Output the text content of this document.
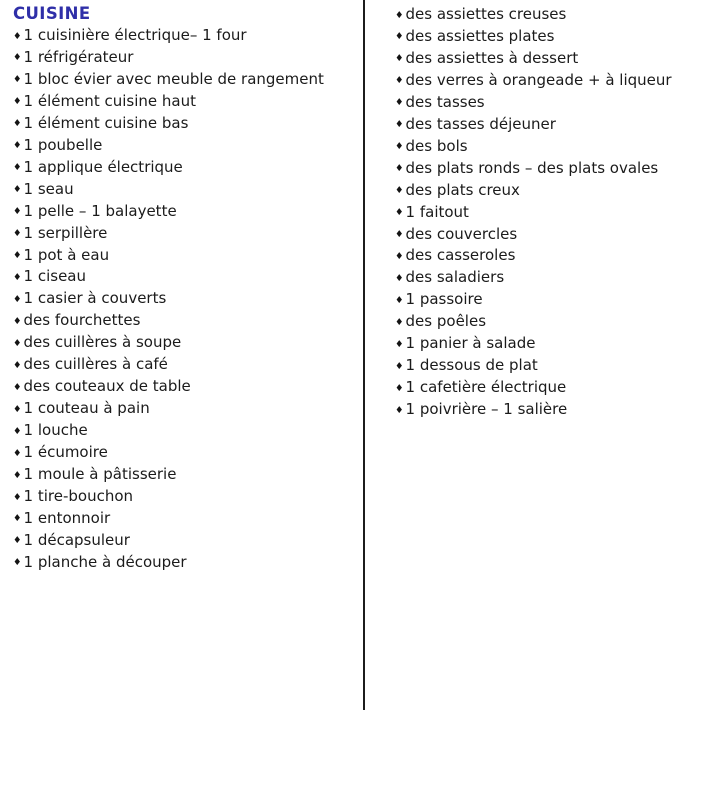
CUISINE
♦ 1 cuisinière électrique– 1 four
♦ 1 réfrigérateur
♦ 1 bloc évier avec meuble de rangement
♦ 1 élément cuisine haut
♦ 1 élément cuisine bas
♦ 1 poubelle
♦ 1 applique électrique
♦ 1 seau
♦ 1 pelle – 1 balayette
♦ 1 serpillère
♦ 1 pot à eau
♦ 1 ciseau
♦ 1 casier à couverts
♦ des fourchettes
♦ des cuillères à soupe
♦ des cuillères à café
♦ des couteaux de table
♦ 1 couteau à pain
♦ 1 louche
♦ 1 écumoire
♦ 1 moule à pâtisserie
♦ 1 tire-bouchon
♦ 1 entonnoir
♦ 1 décapsuleur
♦ 1 planche à découper
♦ des assiettes creuses
♦ des assiettes plates
♦ des assiettes à dessert
♦ des verres à orangeade + à liqueur
♦ des tasses
♦ des tasses déjeuner
♦ des bols
♦ des plats ronds – des plats ovales
♦ des plats creux
♦ 1 faitout
♦ des couvercles
♦ des casseroles
♦ des saladiers
♦ 1 passoire
♦ des poêles
♦ 1 panier à salade
♦ 1 dessous de plat
♦ 1 cafetière électrique
♦ 1 poivrière – 1 salière
